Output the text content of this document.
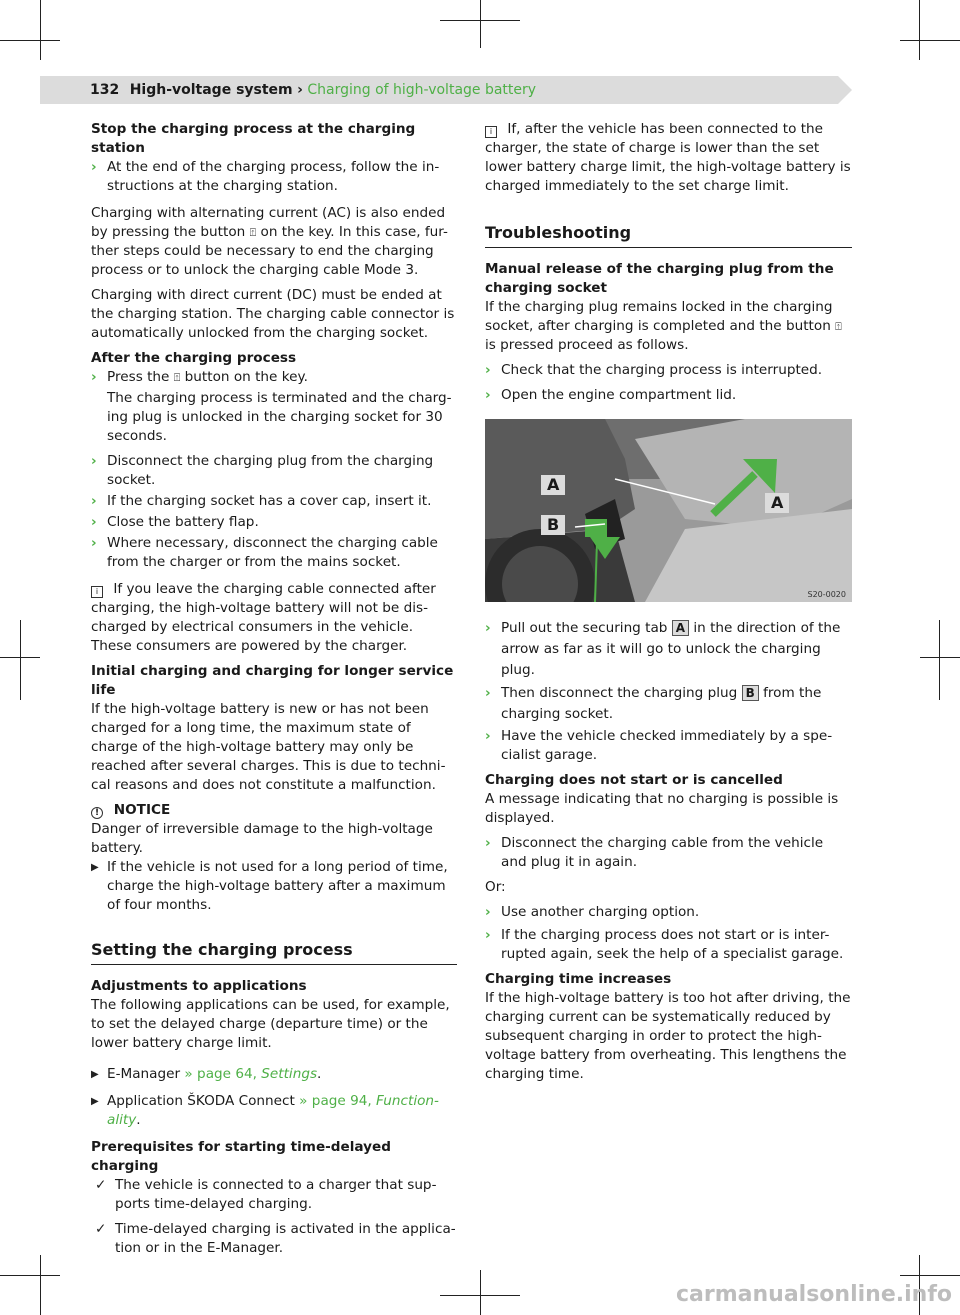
132 High-voltage system › Charging of high-voltage battery
Stop the charging process at the charging station
› At the end of the charging process, follow the in-structions at the charging station.
Charging with alternating current (AC) is also ended by pressing the button ⍐ on the key. In this case, fur-ther steps could be necessary to end the charging process or to unlock the charging cable Mode 3.
Charging with direct current (DC) must be ended at the charging station. The charging cable connector is automatically unlocked from the charging socket.
After the charging process
› Press the ⍐ button on the key.
The charging process is terminated and the charg-ing plug is unlocked in the charging socket for 30 seconds.
› Disconnect the charging plug from the charging socket.
› If the charging socket has a cover cap, insert it.
› Close the battery flap.
› Where necessary, disconnect the charging cable from the charger or from the mains socket.
i If you leave the charging cable connected after charging, the high-voltage battery will not be dis-charged by electrical consumers in the vehicle. These consumers are powered by the charger.
Initial charging and charging for longer service life
If the high-voltage battery is new or has not been charged for a long time, the maximum state of charge of the high-voltage battery may only be reached after several charges. This is due to techni-cal reasons and does not constitute a malfunction.
! NOTICE
Danger of irreversible damage to the high-voltage battery.
▶ If the vehicle is not used for a long period of time, charge the high-voltage battery after a maximum of four months.
Setting the charging process
Adjustments to applications
The following applications can be used, for example, to set the delayed charge (departure time) or the lower battery charge limit.
▶ E-Manager » page 64, Settings.
▶ Application ŠKODA Connect » page 94, Function-ality.
Prerequisites for starting time-delayed charging
✓ The vehicle is connected to a charger that sup-ports time-delayed charging.
✓ Time-delayed charging is activated in the applica-tion or in the E-Manager.
i If, after the vehicle has been connected to the charger, the state of charge is lower than the set lower battery charge limit, the high-voltage battery is charged immediately to the set charge limit.
Troubleshooting
Manual release of the charging plug from the charging socket
If the charging plug remains locked in the charging socket, after charging is completed and the button ⍐ is pressed proceed as follows.
› Check that the charging process is interrupted.
› Open the engine compartment lid.
A
A
B
S20-0020
› Pull out the securing tab A in the direction of the arrow as far as it will go to unlock the charging plug.
› Then disconnect the charging plug B from the charging socket.
› Have the vehicle checked immediately by a spe-cialist garage.
Charging does not start or is cancelled
A message indicating that no charging is possible is displayed.
› Disconnect the charging cable from the vehicle and plug it in again.
Or:
› Use another charging option.
› If the charging process does not start or is inter-rupted again, seek the help of a specialist garage.
Charging time increases
If the high-voltage battery is too hot after driving, the charging current can be systematically reduced by subsequent charging in order to protect the high-voltage battery from overheating. This lengthens the charging time.
carmanualsonline.info
